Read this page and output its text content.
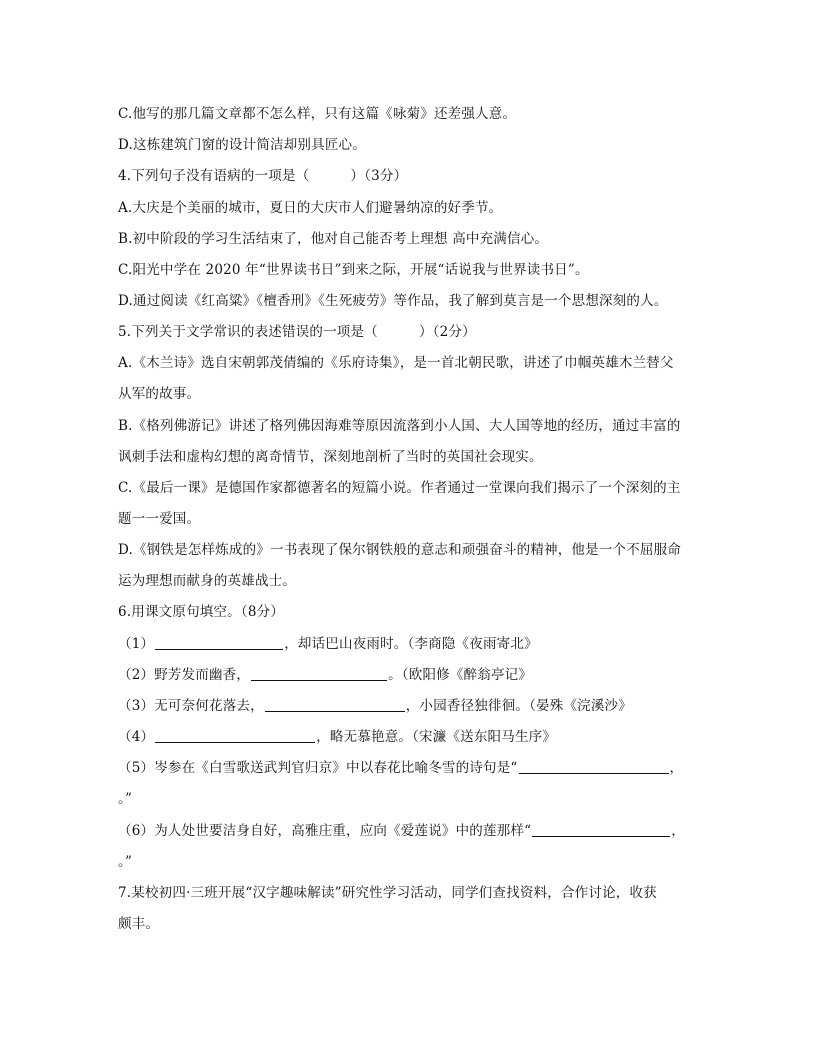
C.他写的那几篇文章都不怎么样，只有这篇《咏菊》还差强人意。
D.这栋建筑门窗的设计简洁却别具匠心。
4.下列句子没有语病的一项是（　　　）（3分）
A.大庆是个美丽的城市，夏日的大庆市人们避暑纳凉的好季节。
B.初中阶段的学习生活结束了，他对自己能否考上理想 高中充满信心。
C.阳光中学在 2020 年“世界读书日”到来之际，开展“话说我与世界读书日”。
D.通过阅读《红高粱》《檀香刑》《生死疲劳》等作品，我了解到莫言是一个思想深刻的人。
5.下列关于文学常识的表述错误的一项是（　　　）（2分）
A.《木兰诗》选自宋朝郭茂倩编的《乐府诗集》，是一首北朝民歌，讲述了巾帼英雄木兰替父
从军的故事。
B.《格列佛游记》讲述了格列佛因海难等原因流落到小人国、大人国等地的经历，通过丰富的
讽刺手法和虚构幻想的离奇情节，深刻地剖析了当时的英国社会现实。
C.《最后一课》是德国作家都德著名的短篇小说。作者通过一堂课向我们揭示了一个深刻的主
题一一爱国。
D.《钢铁是怎样炼成的》一书表现了保尔钢铁般的意志和顽强奋斗的精神，他是一个不屈服命
运为理想而献身的英雄战士。
6.用课文原句填空。（8分）
（1）	，却话巴山夜雨时。（李商隐《夜雨寄北》
（2）野芳发而幽香，	。（欧阳修《醉翁亭记》
（3）无可奈何花落去，	，小园香径独徘徊。（晏殊《浣溪沙》
（4）	，略无慕艳意。（宋濂《送东阳马生序》
（5）岑参在《白雪歌送武判官归京》中以春花比喻冬雪的诗句是“	，
。”
（6）为人处世要洁身自好，高雅庄重，应向《爱莲说》中的莲那样“	，
。”
7.某校初四·三班开展“汉字趣味解读”研究性学习活动，同学们查找资料，合作讨论，收获
颇丰。
